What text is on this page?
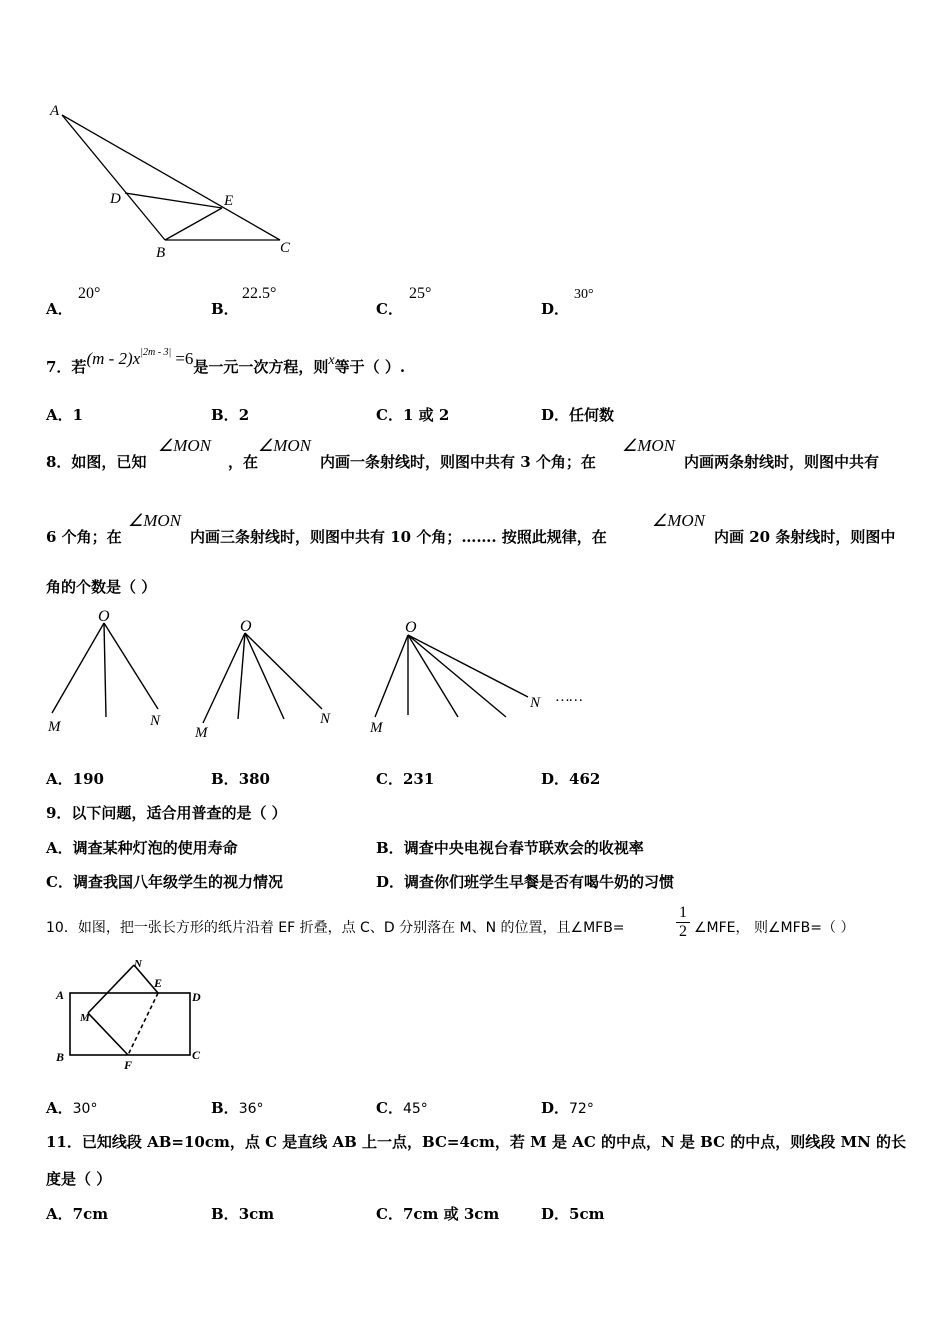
A
D	E
B	C
A．
20°
B．
22.5°
C．
25°
D．
30°
7．若$(m - 2)x^{|2m - 3|} =6$是一元一次方程，则x等于（ ）.
A．1	B．2	C．1 或 2	D．任何数
8．如图，已知
∠MON
，在
∠MON
内画一条射线时，则图中共有 3 个角；在
∠MON
内画两条射线时，则图中共有
6 个角；在
∠MON
内画三条射线时，则图中共有 10 个角；……. 按照此规律，在
∠MON
内画 20 条射线时，则图中
角的个数是（ ）
O
M	N
O
M
N
O
M
N ……
A．190	B．380	C．231	D．462
9．以下问题，适合用普查的是（ ）
A．调查某种灯泡的使用寿命	B．调查中央电视台春节联欢会的收视率
C．调查我国八年级学生的视力情况	D．调查你们班学生早餐是否有喝牛奶的习惯
10．如图，把一张长方形的纸片沿着 EF 折叠，点 C、D 分别落在 M、N 的位置，且∠MFB=
1
2 ∠MFE， 则∠MFB=（ ）
A	D
B	C
E
N
M
F
A．30°	B．36°	C．45°	D．72°
11．已知线段 AB=10cm，点 C 是直线 AB 上一点，BC=4cm，若 M 是 AC 的中点，N 是 BC 的中点，则线段 MN 的长
度是（ ）
A．7cm	B．3cm	C．7cm 或 3cm	D．5cm
